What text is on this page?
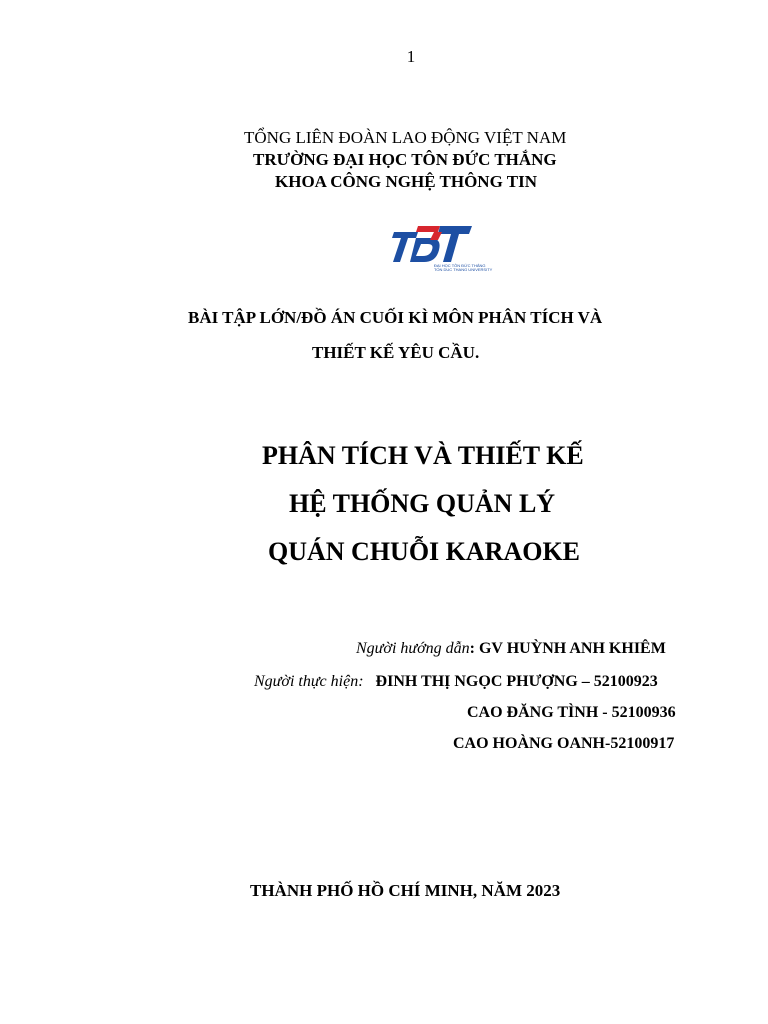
1
TỔNG LIÊN ĐOÀN LAO ĐỘNG VIỆT NAM
TRƯỜNG ĐẠI HỌC TÔN ĐỨC THẮNG
KHOA CÔNG NGHỆ THÔNG TIN
ĐẠI HỌC TÔN ĐỨC THẮNG
TON DUC THANG UNIVERSITY
BÀI TẬP LỚN/ĐỒ ÁN CUỐI KÌ MÔN PHÂN TÍCH VÀ
THIẾT KẾ YÊU CẦU.
PHÂN TÍCH VÀ THIẾT KẾ
HỆ THỐNG QUẢN LÝ
QUÁN CHUỖI KARAOKE
Người hướng dẫn: GV HUỲNH ANH KHIÊM
Người thực hiện: ĐINH THỊ NGỌC PHƯỢNG – 52100923
CAO ĐĂNG TÌNH - 52100936
CAO HOÀNG OANH-52100917
THÀNH PHỐ HỒ CHÍ MINH, NĂM 2023
